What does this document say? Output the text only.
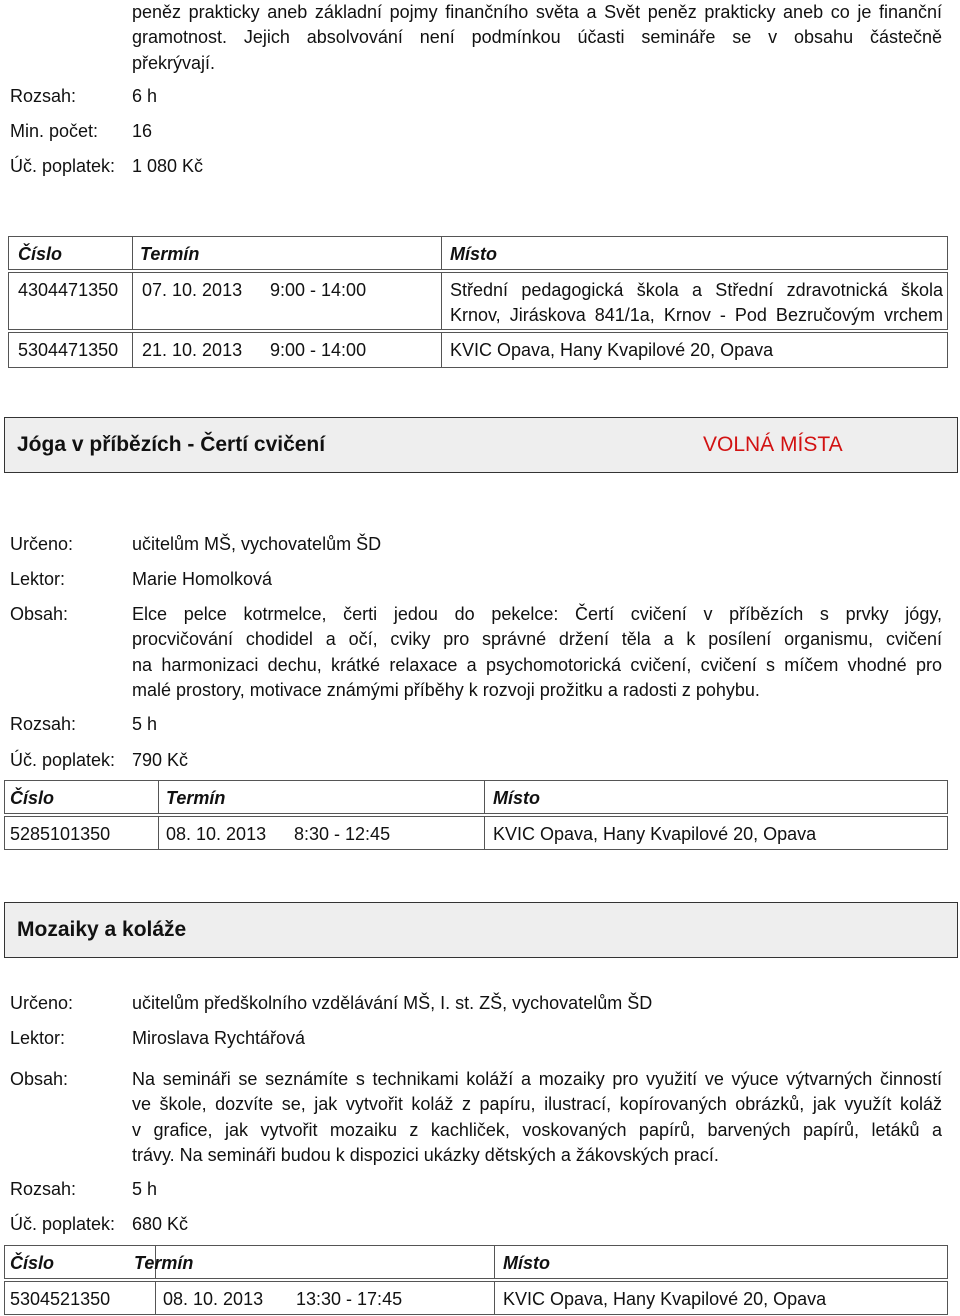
peněz prakticky aneb základní pojmy finančního světa a Svět peněz prakticky aneb co je finanční
gramotnost. Jejich absolvování není podmínkou účasti semináře se v obsahu částečně
překrývají.
Rozsah:	6 h
Min. počet: 16
Úč. poplatek: 1 080 Kč
Číslo	Termín	Místo
4304471350 07. 10. 2013 9:00 - 14:00	Střední pedagogická škola a Střední zdravotnická škola
Krnov, Jiráskova 841/1a, Krnov - Pod Bezručovým vrchem
5304471350 21. 10. 2013 9:00 - 14:00	KVIC Opava, Hany Kvapilové 20, Opava
Jóga v příbězích - Čertí cvičení	VOLNÁ MÍSTA
Určeno:	učitelům MŠ, vychovatelům ŠD
Lektor:	Marie Homolková
Obsah:	Elce pelce kotrmelce, čerti jedou do pekelce: Čertí cvičení v příbězích s prvky jógy,
procvičování chodidel a očí, cviky pro správné držení těla a k posílení organismu, cvičení
na harmonizaci dechu, krátké relaxace a psychomotorická cvičení, cvičení s míčem vhodné pro
malé prostory, motivace známými příběhy k rozvoji prožitku a radosti z pohybu.
Rozsah:	5 h
Úč. poplatek: 790 Kč
Číslo	Termín	Místo
5285101350	08. 10. 2013 8:30 - 12:45	KVIC Opava, Hany Kvapilové 20, Opava
Mozaiky a koláže
Určeno:	učitelům předškolního vzdělávání MŠ, I. st. ZŠ, vychovatelům ŠD
Lektor:	Miroslava Rychtářová
Obsah:	Na semináři se seznámíte s technikami koláží a mozaiky pro využití ve výuce výtvarných činností
ve škole, dozvíte se, jak vytvořit koláž z papíru, ilustrací, kopírovaných obrázků, jak využít koláž
v grafice, jak vytvořit mozaiku z kachliček, voskovaných papírů, barvených papírů, letáků a
trávy. Na semináři budou k dispozici ukázky dětských a žákovských prací.
Rozsah:	5 h
Úč. poplatek: 680 Kč
Číslo	Termín	Místo
5304521350	08. 10. 2013 13:30 - 17:45	KVIC Opava, Hany Kvapilové 20, Opava
